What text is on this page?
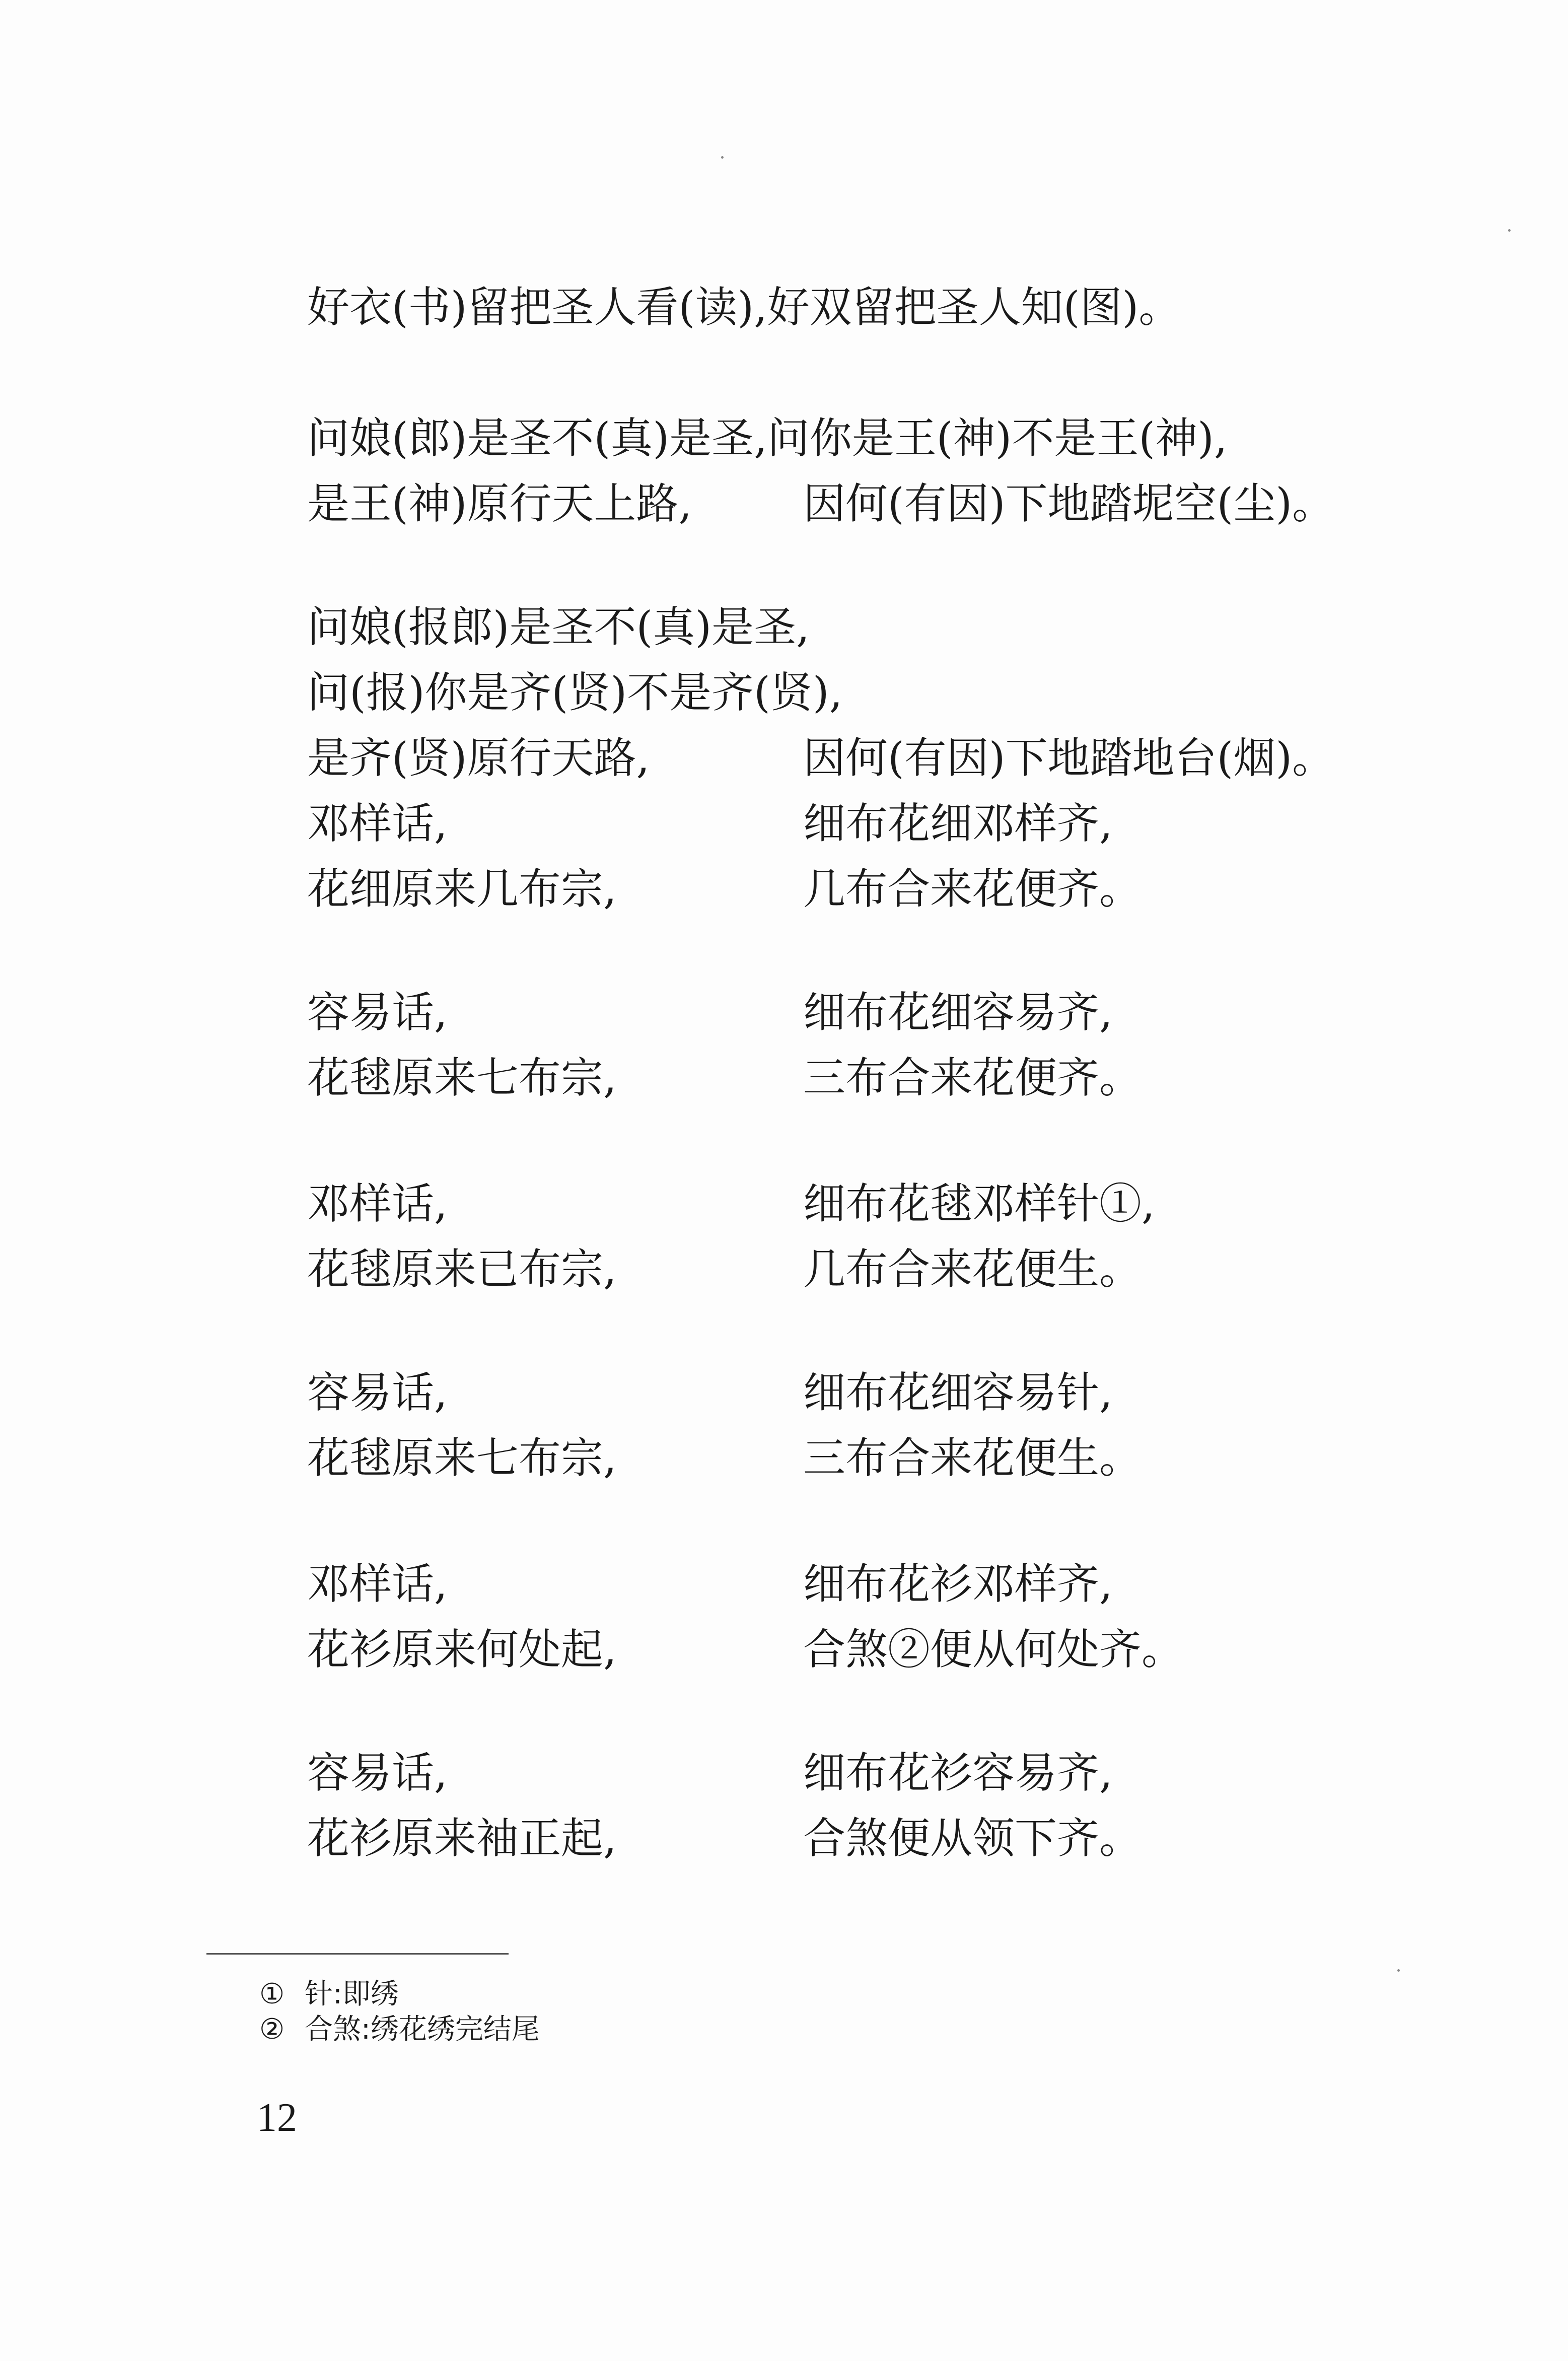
好衣(书)留把圣人看(读),好双留把圣人知(图)。
问娘(郎)是圣不(真)是圣,问你是王(神)不是王(神),
是王(神)原行天上路,	因何(有因)下地踏坭空(尘)。
问娘(报郎)是圣不(真)是圣,
问(报)你是齐(贤)不是齐(贤),
是齐(贤)原行天路,	因何(有因)下地踏地台(烟)。
邓样话,	细布花细邓样齐,
花细原来几布宗,	几布合来花便齐。
容易话,	细布花细容易齐,
花毬原来七布宗,	三布合来花便齐。
邓样话,	细布花毬邓样针①,
花毬原来已布宗,	几布合来花便生。
容易话,	细布花细容易针,
花毬原来七布宗,	三布合来花便生。
邓样话,	细布花衫邓样齐,
花衫原来何处起,	合煞②便从何处齐。
容易话,	细布花衫容易齐,
花衫原来袖正起,	合煞便从领下齐。
① 针:即绣
② 合煞:绣花绣完结尾
12
